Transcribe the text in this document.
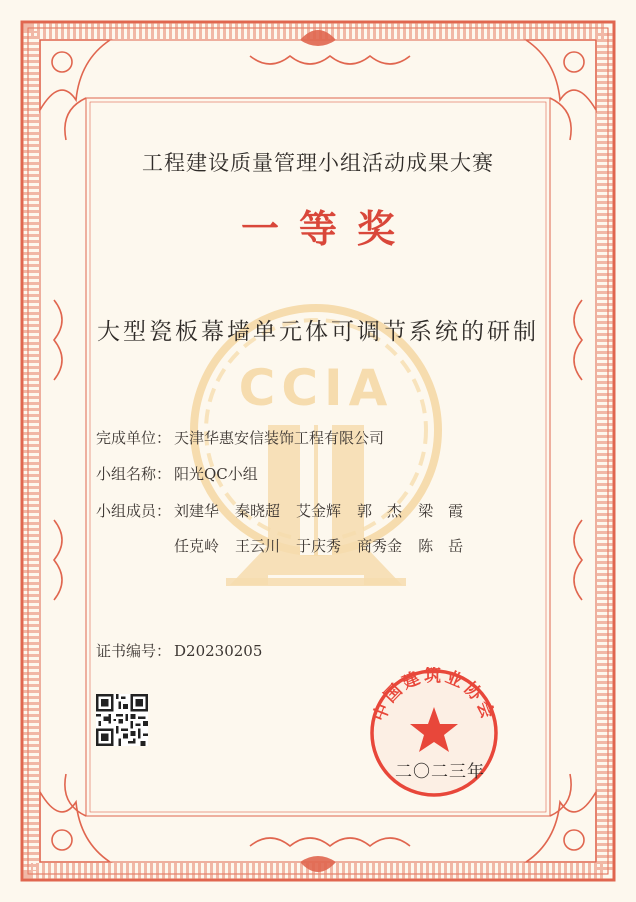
CCIA
工程建设质量管理小组活动成果大赛
一等奖
大型瓷板幕墙单元体可调节系统的研制
完成单位： 天津华惠安信装饰工程有限公司
小组名称： 阳光QC小组
小组成员： 刘建华 秦晓超 艾金辉 郭　杰 梁　霞
任克岭 王云川 于庆秀 商秀金 陈　岳
证书编号： D20230205
中国建筑业协会
二〇二三年
